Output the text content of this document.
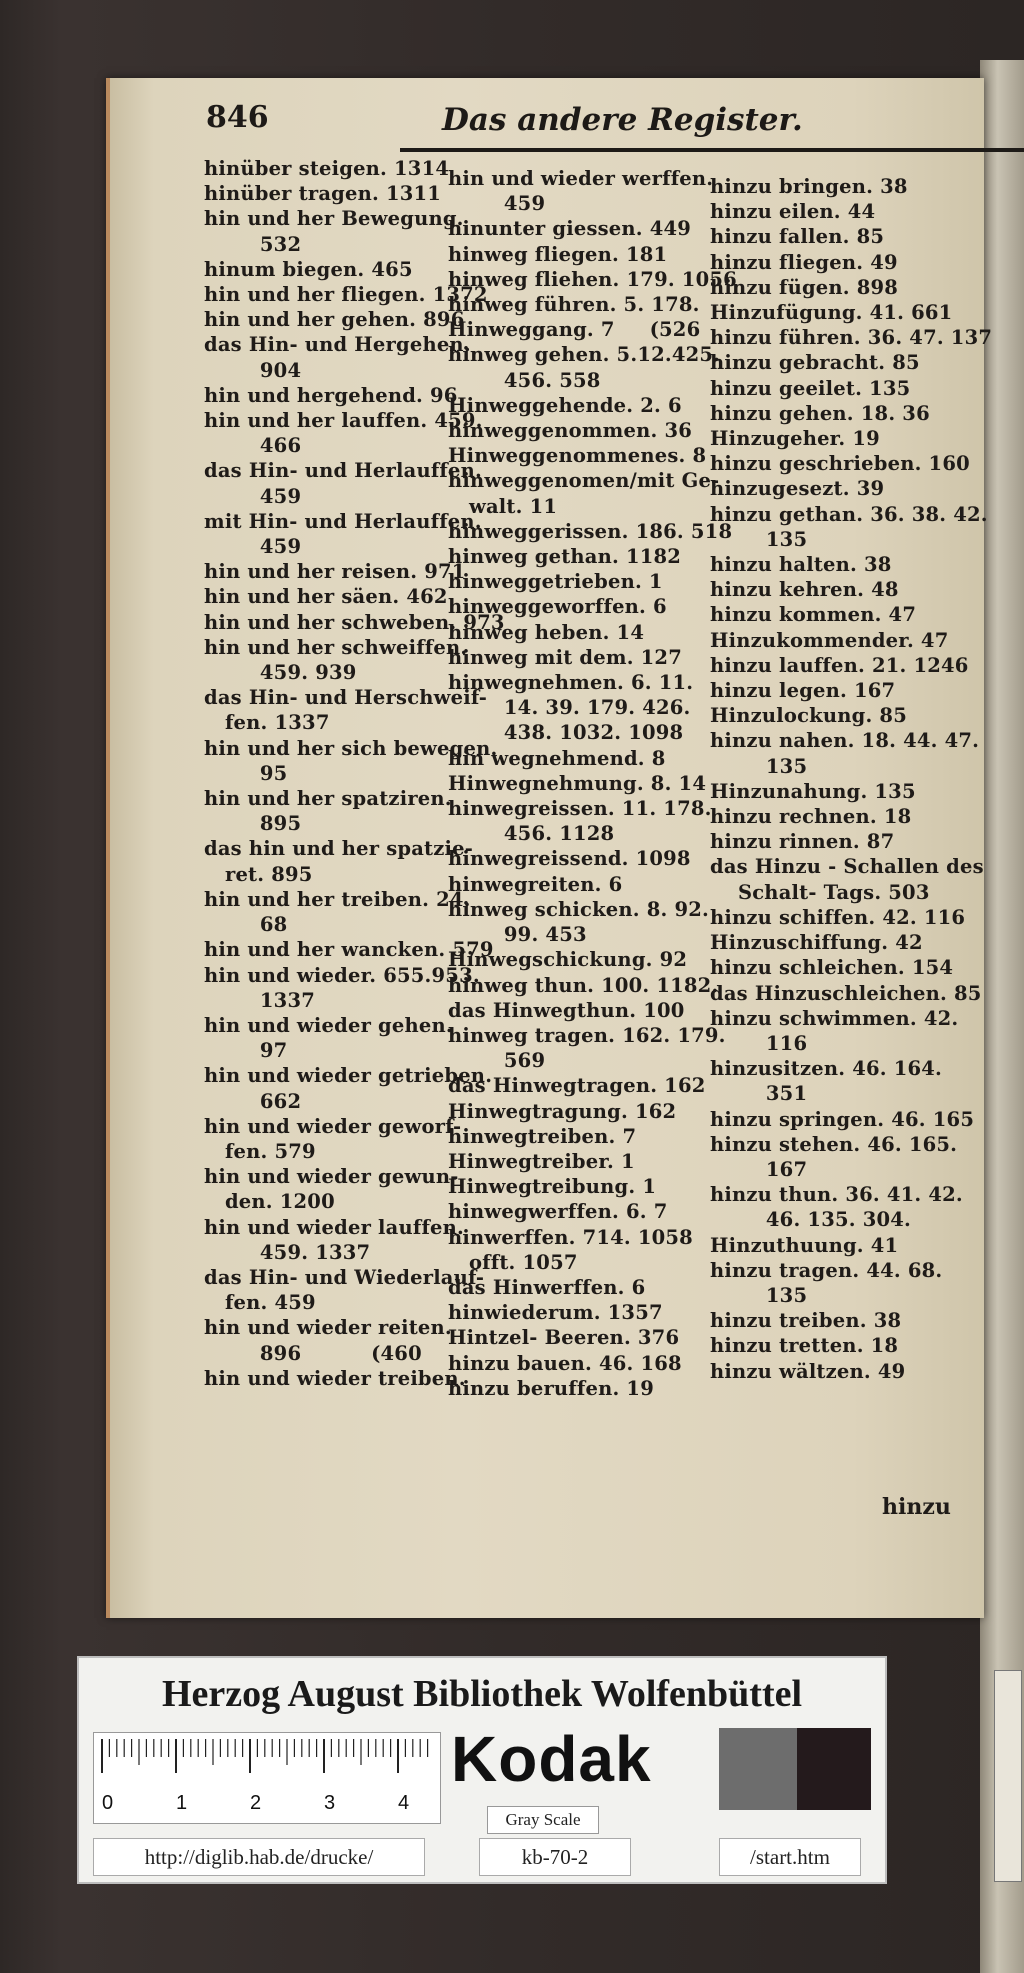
846	Das andere Register.
hinüber steigen. 1314
hinüber tragen. 1311
hin und her Bewegung.
532
hinum biegen. 465
hin und her fliegen. 1372
hin und her gehen. 896
das Hin- und Hergehen.
904
hin und hergehend. 96
hin und her lauffen. 459.
466
das Hin- und Herlauffen.
459
mit Hin- und Herlauffen.
459
hin und her reisen. 971
hin und her säen. 462
hin und her schweben. 973
hin und her schweiffen.
459. 939
das Hin- und Herschweif-
fen. 1337
hin und her sich bewegen.
95
hin und her spatziren.
895
das hin und her spatzie-
ret. 895
hin und her treiben. 24.
68
hin und her wancken. 579
hin und wieder. 655.953.
1337
hin und wieder gehen.
97
hin und wieder getrieben.
662
hin und wieder geworf-
fen. 579
hin und wieder gewun-
den. 1200
hin und wieder lauffen.
459. 1337
das Hin- und Wiederlauf-
fen. 459
hin und wieder reiten.
896          (460
hin und wieder treiben.
hin und wieder werffen.
459
hinunter giessen. 449
hinweg fliegen. 181
hinweg fliehen. 179. 1056
hinweg führen. 5. 178.
Hinweggang. 7     (526
hinweg gehen. 5.12.425.
456. 558
Hinweggehende. 2. 6
hinweggenommen. 36
Hinweggenommenes. 8
hinweggenomen/mit Ge-
walt. 11
hinweggerissen. 186. 518
hinweg gethan. 1182
hinweggetrieben. 1
hinweggeworffen. 6
hinweg heben. 14
hinweg mit dem. 127
hinwegnehmen. 6. 11.
14. 39. 179. 426.
438. 1032. 1098
hin wegnehmend. 8
Hinwegnehmung. 8. 14
hinwegreissen. 11. 178.
456. 1128
hinwegreissend. 1098
hinwegreiten. 6
hinweg schicken. 8. 92.
99. 453
Hinwegschickung. 92
hinweg thun. 100. 1182.
das Hinwegthun. 100
hinweg tragen. 162. 179.
569
das Hinwegtragen. 162
Hinwegtragung. 162
hinwegtreiben. 7
Hinwegtreiber. 1
Hinwegtreibung. 1
hinwegwerffen. 6. 7
hinwerffen. 714. 1058
offt. 1057
das Hinwerffen. 6
hinwiederum. 1357
Hintzel- Beeren. 376
hinzu bauen. 46. 168
hinzu beruffen. 19
hinzu bringen. 38
hinzu eilen. 44
hinzu fallen. 85
hinzu fliegen. 49
hinzu fügen. 898
Hinzufügung. 41. 661
hinzu führen. 36. 47. 137
hinzu gebracht. 85
hinzu geeilet. 135
hinzu gehen. 18. 36
Hinzugeher. 19
hinzu geschrieben. 160
hinzugesezt. 39
hinzu gethan. 36. 38. 42.
135
hinzu halten. 38
hinzu kehren. 48
hinzu kommen. 47
Hinzukommender. 47
hinzu lauffen. 21. 1246
hinzu legen. 167
Hinzulockung. 85
hinzu nahen. 18. 44. 47.
135
Hinzunahung. 135
hinzu rechnen. 18
hinzu rinnen. 87
das Hinzu - Schallen des
Schalt- Tags. 503
hinzu schiffen. 42. 116
Hinzuschiffung. 42
hinzu schleichen. 154
das Hinzuschleichen. 85
hinzu schwimmen. 42.
116
hinzusitzen. 46. 164.
351
hinzu springen. 46. 165
hinzu stehen. 46. 165.
167
hinzu thun. 36. 41. 42.
46. 135. 304.
Hinzuthuung. 41
hinzu tragen. 44. 68.
135
hinzu treiben. 38
hinzu tretten. 18
hinzu wältzen. 49
hinzu
Herzog August Bibliothek Wolfenbüttel
0	1	2	3	4
Kodak
Gray Scale
http://diglib.hab.de/drucke/	kb-70-2	/start.htm
